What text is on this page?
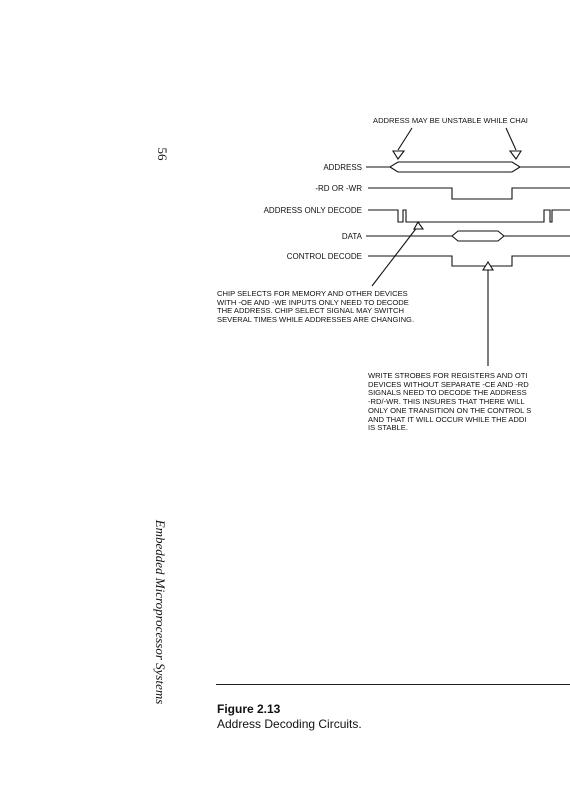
56
Embedded Microprocessor Systems
ADDRESS MAY BE UNSTABLE WHILE CHAI
ADDRESS
-RD OR -WR
ADDRESS ONLY DECODE
DATA
CONTROL DECODE
CHIP SELECTS FOR MEMORY AND OTHER DEVICES
WITH -OE AND -WE INPUTS ONLY NEED TO DECODE
THE ADDRESS. CHIP SELECT SIGNAL MAY SWITCH
SEVERAL TIMES WHILE ADDRESSES ARE CHANGING.
WRITE STROBES FOR REGISTERS AND OTI
DEVICES WITHOUT SEPARATE -CE AND -RD
SIGNALS NEED TO DECODE THE ADDRESS
-RD/-WR. THIS INSURES THAT THERE WILL
ONLY ONE TRANSITION ON THE CONTROL S
AND THAT IT WILL OCCUR WHILE THE ADDI
IS STABLE.
Figure 2.13
Address Decoding Circuits.
